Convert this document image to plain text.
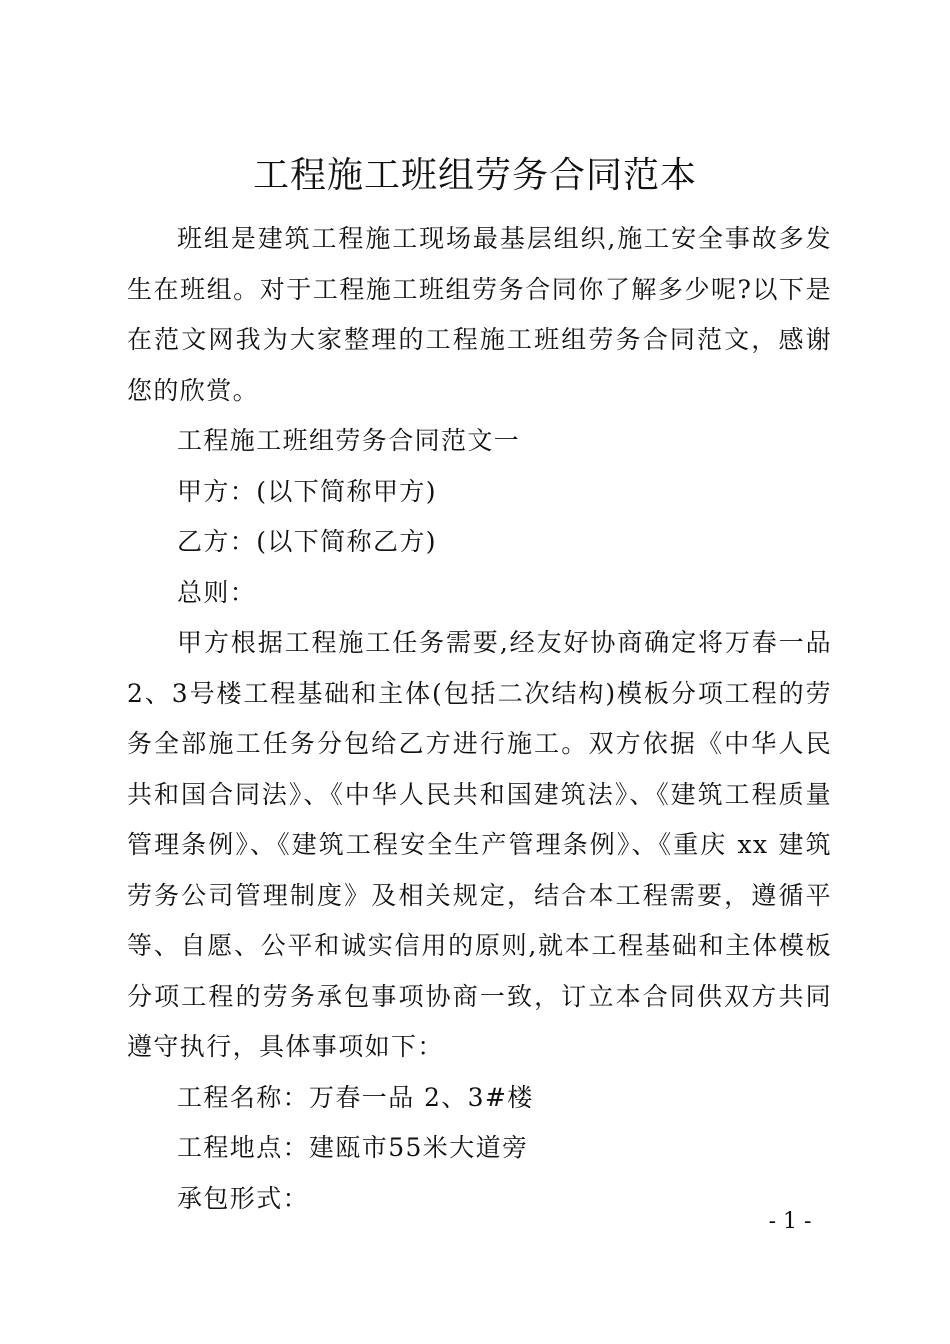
工程施工班组劳务合同范本

班组是建筑工程施工现场最基层组织,施工安全事故多发生在班组。对于工程施工班组劳务合同你了解多少呢?以下是在范文网我为大家整理的工程施工班组劳务合同范文，感谢您的欣赏。

工程施工班组劳务合同范文一

甲方：(以下简称甲方)

乙方：(以下简称乙方)

总则：

甲方根据工程施工任务需要,经友好协商确定将万春一品2、3号楼工程基础和主体(包括二次结构)模板分项工程的劳务全部施工任务分包给乙方进行施工。双方依据《中华人民共和国合同法》、《中华人民共和国建筑法》、《建筑工程质量管理条例》、《建筑工程安全生产管理条例》、《重庆 xx 建筑劳务公司管理制度》及相关规定，结合本工程需要，遵循平等、自愿、公平和诚实信用的原则,就本工程基础和主体模板分项工程的劳务承包事项协商一致，订立本合同供双方共同遵守执行，具体事项如下：

工程名称：万春一品 2、3#楼

工程地点：建瓯市55米大道旁

承包形式：

- 1 -
